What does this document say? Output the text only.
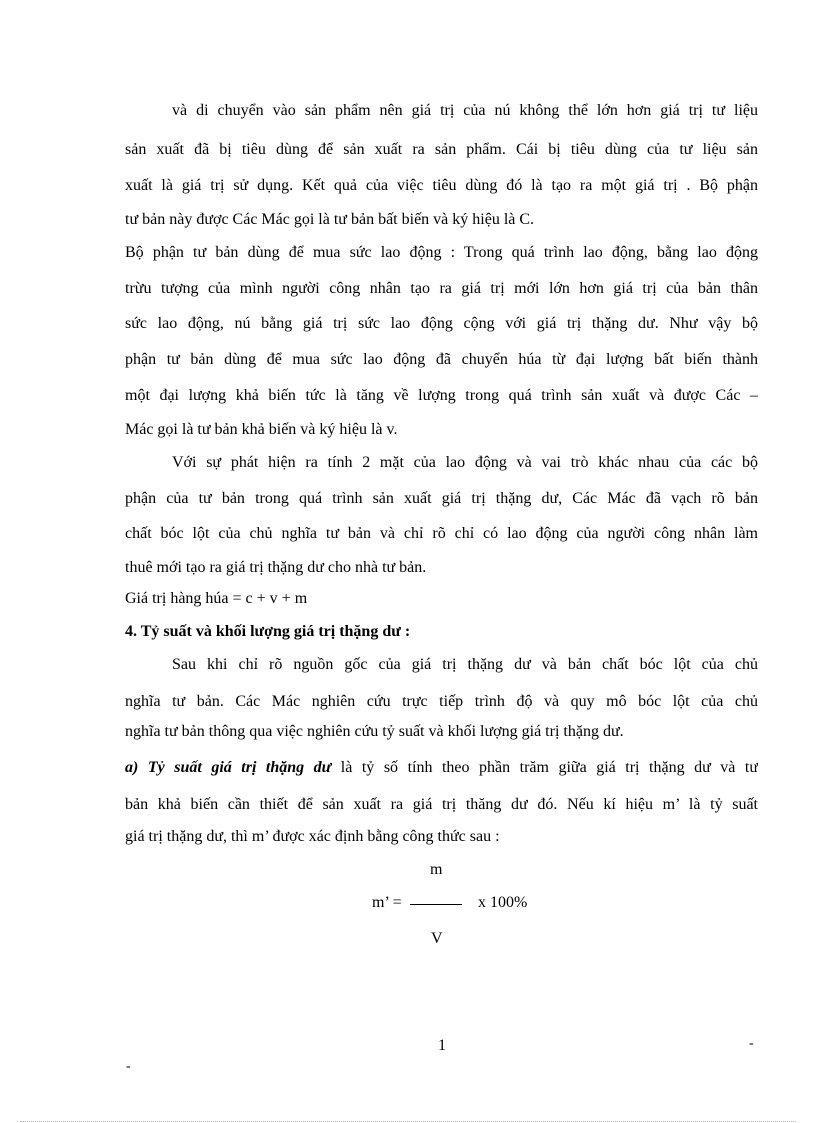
và di chuyển vào sản phẩm nên giá trị của nú không thể lớn hơn giá trị tư liệu
sản xuất đã bị tiêu dùng để sản xuất ra sản phẩm. Cái bị tiêu dùng của tư liệu sản
xuất là giá trị sử dụng. Kết quả của việc tiêu dùng đó là tạo ra một giá trị . Bộ phận
tư bản này được Các Mác gọi là tư bản bất biến và ký hiệu là C.
Bộ phận tư bản dùng để mua sức lao động : Trong quá trình lao động, bằng lao động
trừu tượng của mình người công nhân tạo ra giá trị mới lớn hơn giá trị của bản thân
sức lao động, nú bằng giá trị sức lao động cộng với giá trị thặng dư. Như vậy bộ
phận tư bản dùng để mua sức lao động đã chuyển húa từ đại lượng bất biến thành
một đại lượng khả biến tức là tăng về lượng trong quá trình sản xuất và được Các –
Mác gọi là tư bản khả biến và ký hiệu là v.
Với sự phát hiện ra tính 2 mặt của lao động và vai trò khác nhau của các bộ
phận của tư bản trong quá trình sản xuất giá trị thặng dư, Các Mác đã vạch rõ bản
chất bóc lột của chủ nghĩa tư bản và chỉ rõ chỉ có lao động của người công nhân làm
thuê mới tạo ra giá trị thặng dư cho nhà tư bản.
Giá trị hàng húa = c + v + m
4. Tỷ suất và khối lượng giá trị thặng dư :
Sau khi chỉ rõ nguồn gốc của giá trị thặng dư và bản chất bóc lột của chủ
nghĩa tư bản. Các Mác nghiên cứu trực tiếp trình độ và quy mô bóc lột của chủ
nghĩa tư bản thông qua việc nghiên cứu tỷ suất và khối lượng giá trị thặng dư.
a) Tỷ suất giá trị thặng dư là tỷ số tính theo phần trăm giữa giá trị thặng dư và tư
bản khả biến cần thiết để sản xuất ra giá trị thăng dư đó. Nếu kí hiệu m’ là tỷ suất
giá trị thặng dư, thì m’ được xác định bằng công thức sau :
m
m’ =	x 100%
V
1	-
-
